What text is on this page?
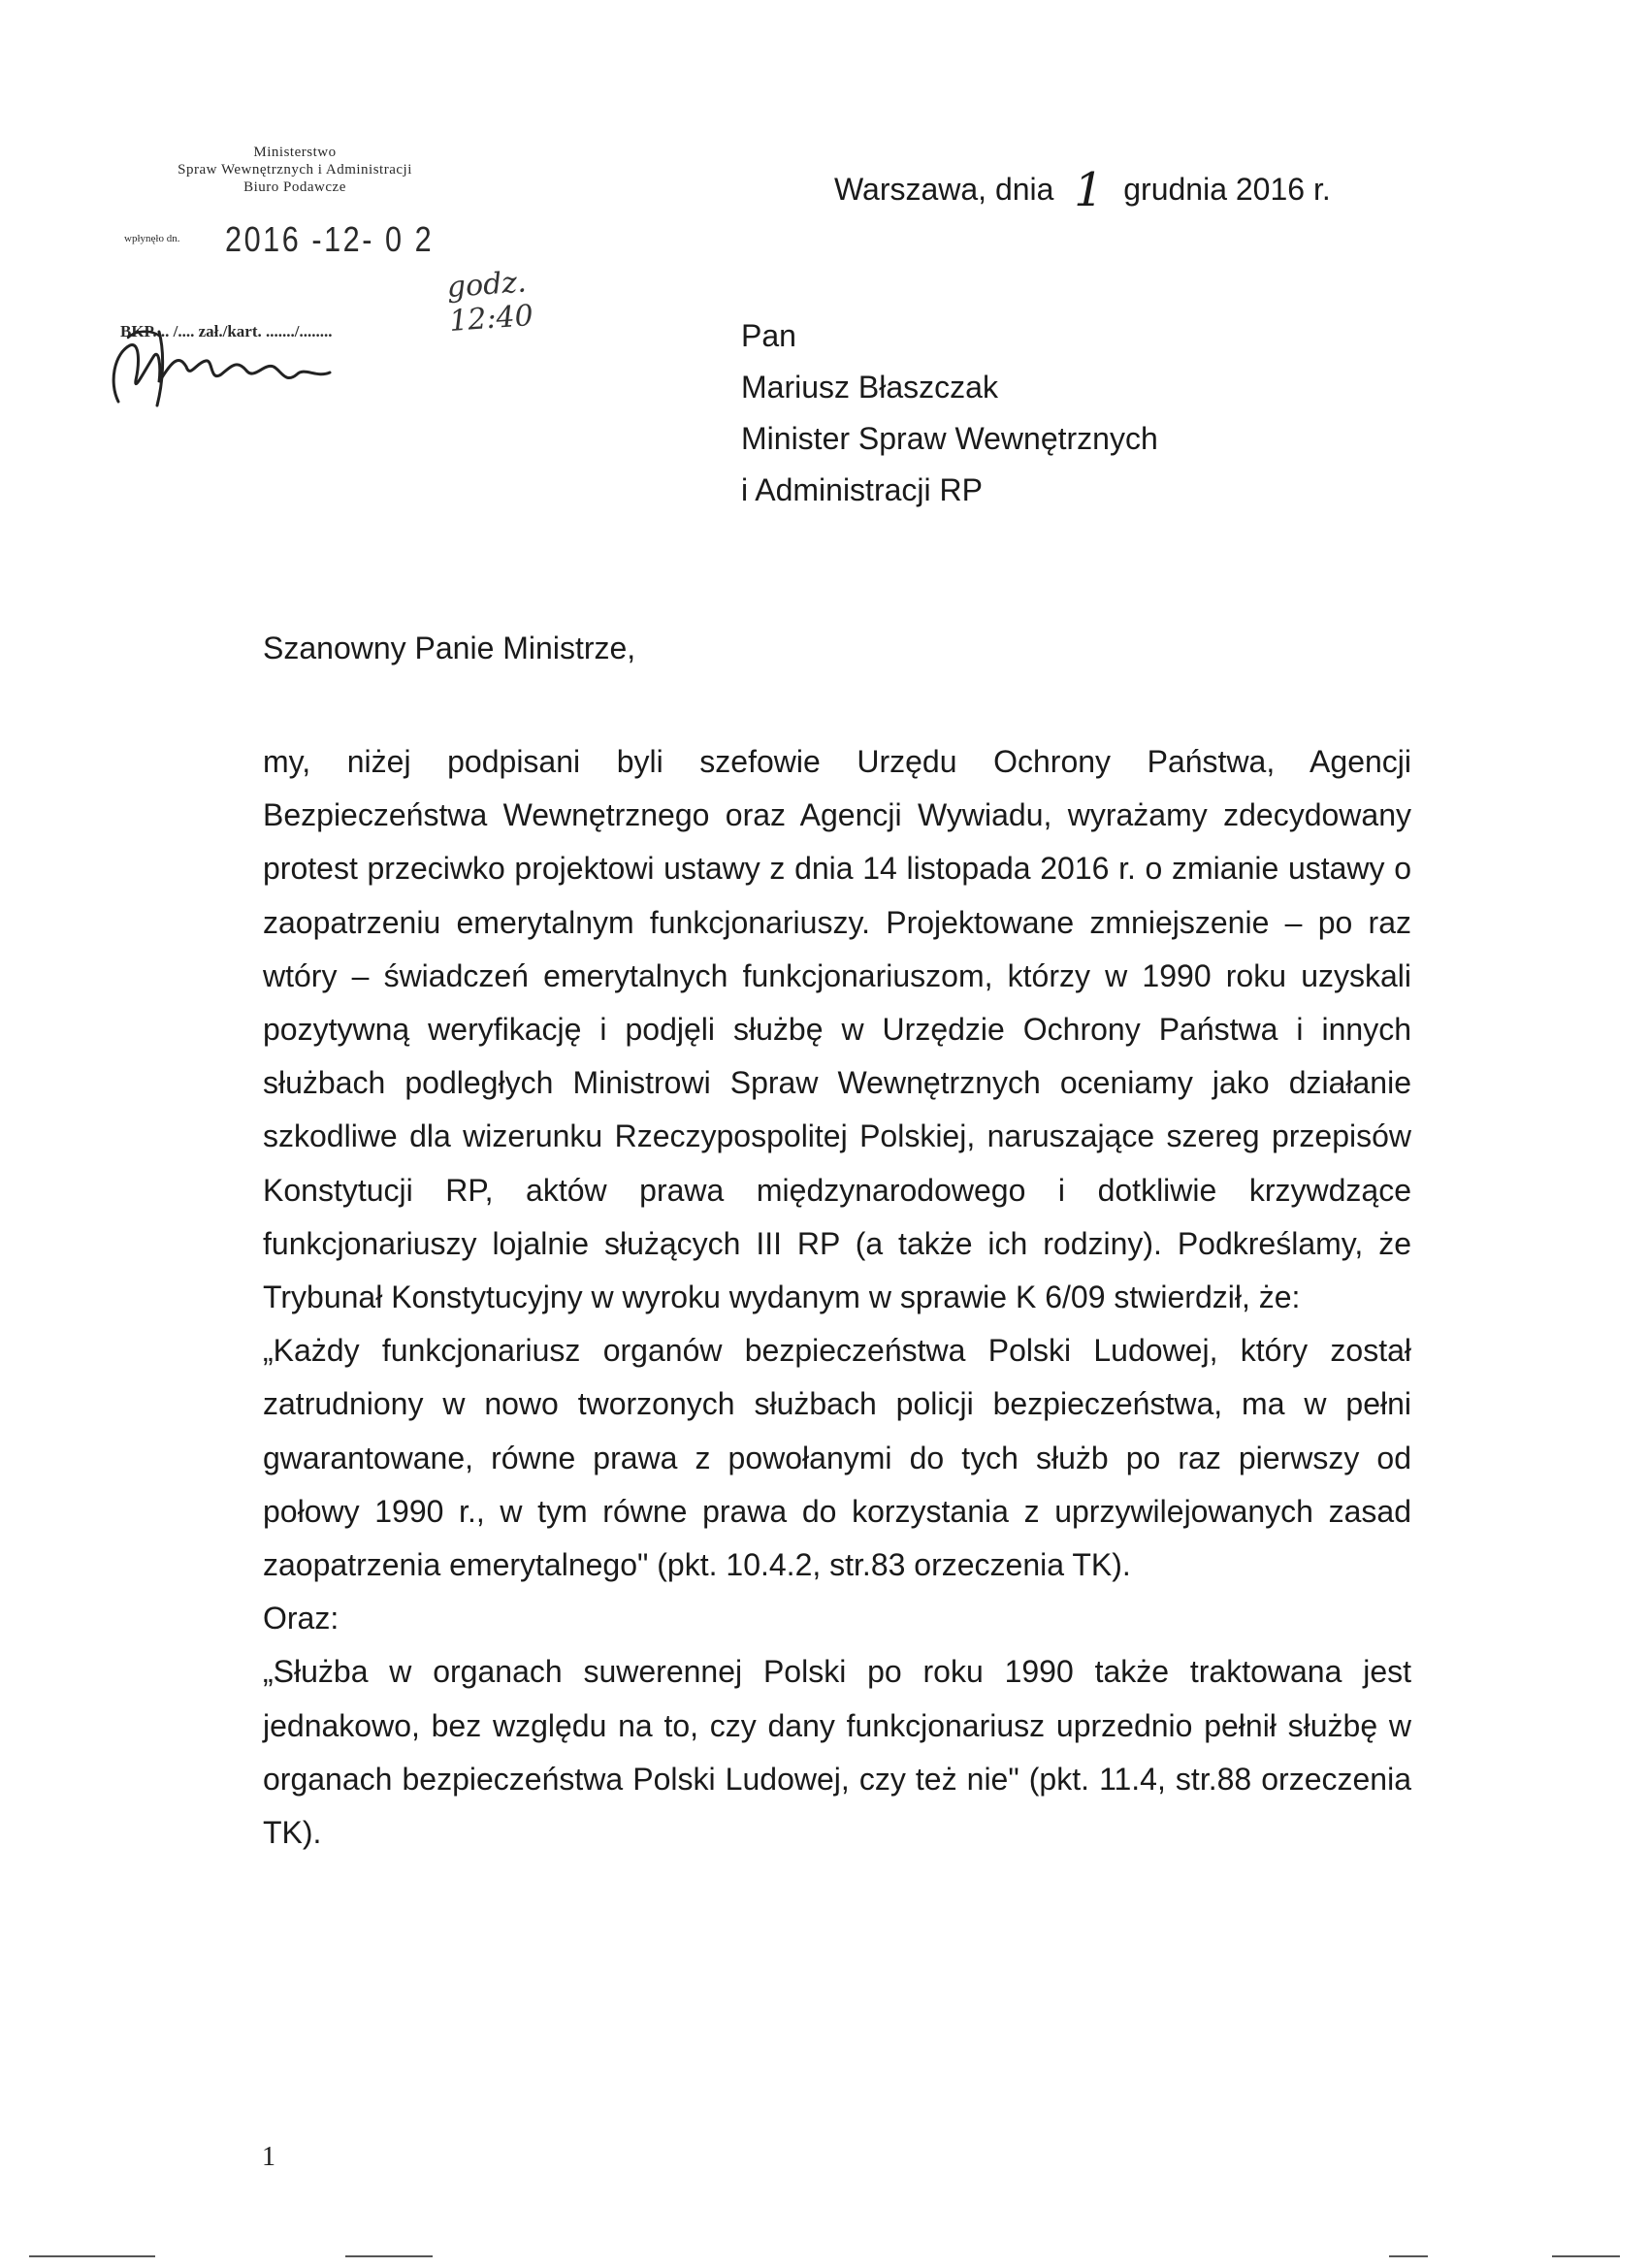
Ministerstwo
Spraw Wewnętrznych i Administracji
Biuro Podawcze
wpłynęło dn. 2016 -12- 0 2
godz. 12:40
BKP.... /.... zał./kart. ......./........
Warszawa, dnia 1 grudnia 2016 r.
Pan
Mariusz Błaszczak
Minister Spraw Wewnętrznych
i Administracji RP
Szanowny Panie Ministrze,

my, niżej podpisani byli szefowie Urzędu Ochrony Państwa, Agencji Bezpieczeństwa Wewnętrznego oraz Agencji Wywiadu, wyrażamy zdecydowany protest przeciwko projektowi ustawy z dnia 14 listopada 2016 r. o zmianie ustawy o zaopatrzeniu emerytalnym funkcjonariuszy. Projektowane zmniejszenie – po raz wtóry – świadczeń emerytalnych funkcjonariuszom, którzy w 1990 roku uzyskali pozytywną weryfikację i podjęli służbę w Urzędzie Ochrony Państwa i innych służbach podległych Ministrowi Spraw Wewnętrznych oceniamy jako działanie szkodliwe dla wizerunku Rzeczypospolitej Polskiej, naruszające szereg przepisów Konstytucji RP, aktów prawa międzynarodowego i dotkliwie krzywdzące funkcjonariuszy lojalnie służących III RP (a także ich rodziny). Podkreślamy, że Trybunał Konstytucyjny w wyroku wydanym w sprawie K 6/09 stwierdził, że:

„Każdy funkcjonariusz organów bezpieczeństwa Polski Ludowej, który został zatrudniony w nowo tworzonych służbach policji bezpieczeństwa, ma w pełni gwarantowane, równe prawa z powołanymi do tych służb po raz pierwszy od połowy 1990 r., w tym równe prawa do korzystania z uprzywilejowanych zasad zaopatrzenia emerytalnego" (pkt. 10.4.2, str.83 orzeczenia TK).

Oraz:

„Służba w organach suwerennej Polski po roku 1990 także traktowana jest jednakowo, bez względu na to, czy dany funkcjonariusz uprzednio pełnił służbę w organach bezpieczeństwa Polski Ludowej, czy też nie" (pkt. 11.4, str.88 orzeczenia TK).

1
